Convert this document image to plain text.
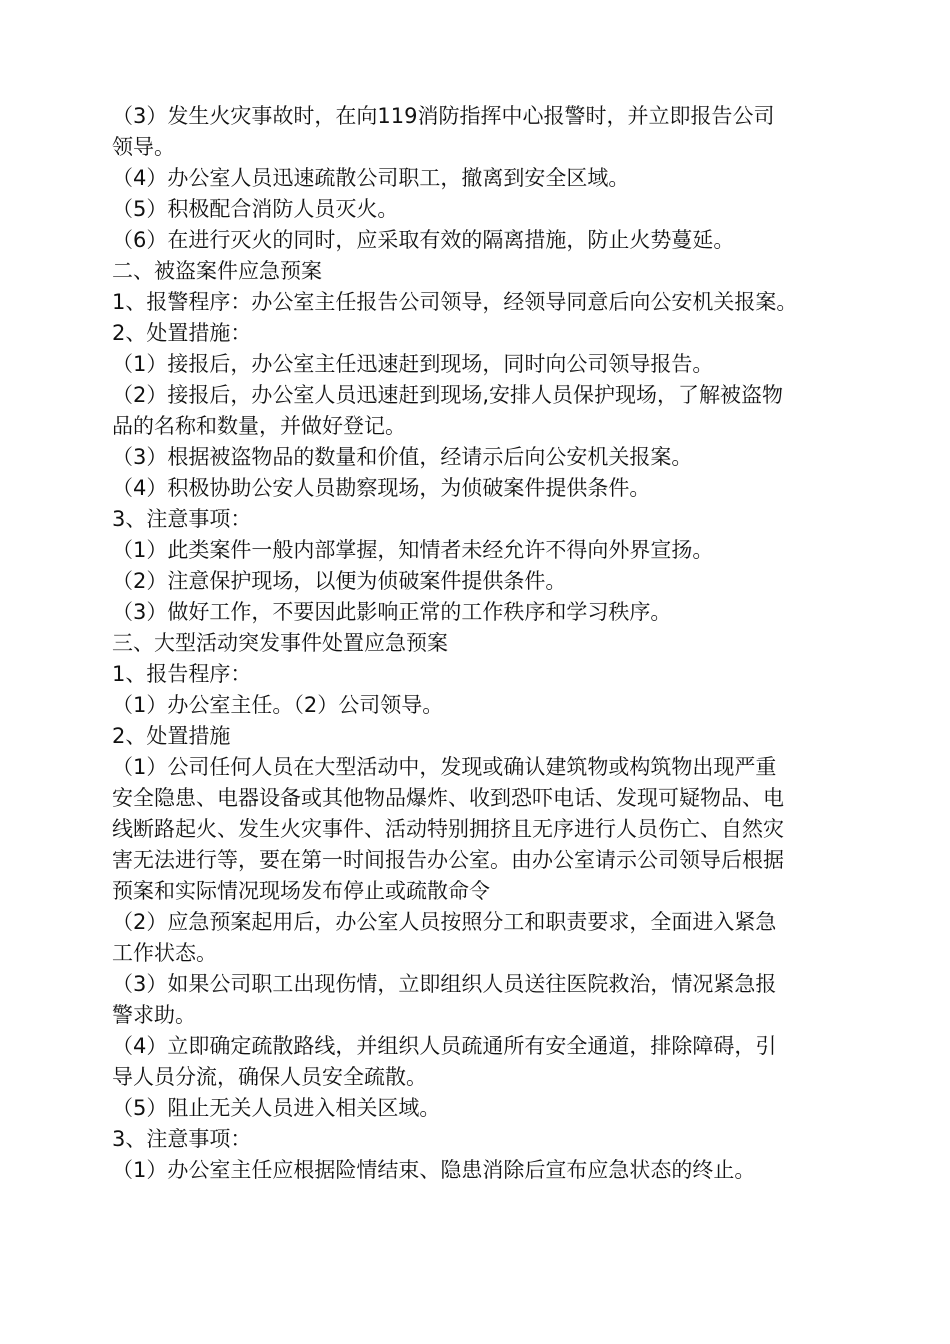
（3）发生火灾事故时，在向119消防指挥中心报警时，并立即报告公司

领导。

（4）办公室人员迅速疏散公司职工，撤离到安全区域。

（5）积极配合消防人员灭火。

（6）在进行灭火的同时，应采取有效的隔离措施，防止火势蔓延。

二、被盗案件应急预案

1、报警程序：办公室主任报告公司领导，经领导同意后向公安机关报案。

2、处置措施：

（1）接报后，办公室主任迅速赶到现场，同时向公司领导报告。

（2）接报后，办公室人员迅速赶到现场,安排人员保护现场，了解被盗物

品的名称和数量，并做好登记。

（3）根据被盗物品的数量和价值，经请示后向公安机关报案。

（4）积极协助公安人员勘察现场，为侦破案件提供条件。

3、注意事项：

（1）此类案件一般内部掌握，知情者未经允许不得向外界宣扬。

（2）注意保护现场，以便为侦破案件提供条件。

（3）做好工作，不要因此影响正常的工作秩序和学习秩序。

三、大型活动突发事件处置应急预案

1、报告程序：

（1）办公室主任。（2）公司领导。

2、处置措施

（1）公司任何人员在大型活动中，发现或确认建筑物或构筑物出现严重

安全隐患、电器设备或其他物品爆炸、收到恐吓电话、发现可疑物品、电

线断路起火、发生火灾事件、活动特别拥挤且无序进行人员伤亡、自然灾

害无法进行等，要在第一时间报告办公室。由办公室请示公司领导后根据

预案和实际情况现场发布停止或疏散命令

（2）应急预案起用后，办公室人员按照分工和职责要求，全面进入紧急

工作状态。

（3）如果公司职工出现伤情，立即组织人员送往医院救治，情况紧急报

警求助。

（4）立即确定疏散路线，并组织人员疏通所有安全通道，排除障碍，引

导人员分流，确保人员安全疏散。

（5）阻止无关人员进入相关区域。

3、注意事项：

（1）办公室主任应根据险情结束、隐患消除后宣布应急状态的终止。
